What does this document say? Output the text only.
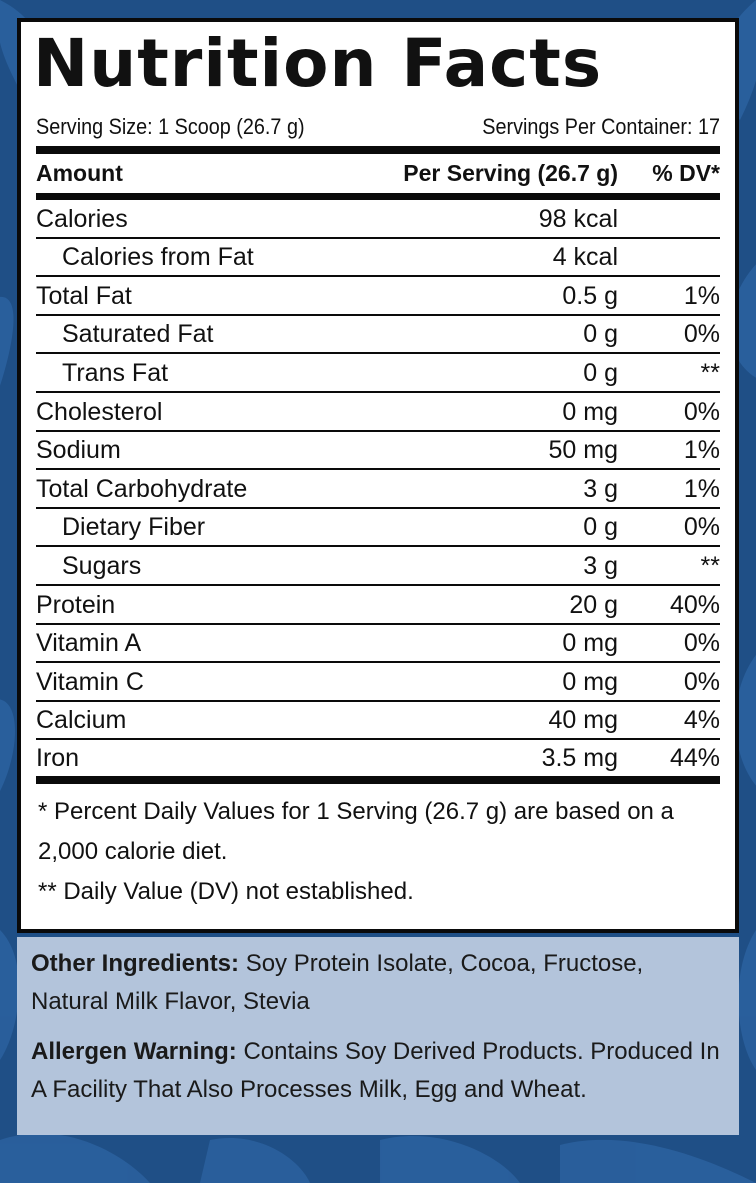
Nutrition Facts
Serving Size: 1 Scoop (26.7 g)	Servings Per Container: 17
Amount	Per Serving (26.7 g)	% DV*
Calories	98 kcal
Calories from Fat	4 kcal
Total Fat	0.5 g	1%
Saturated Fat	0 g	0%
Trans Fat	0 g	**
Cholesterol	0 mg	0%
Sodium	50 mg	1%
Total Carbohydrate	3 g	1%
Dietary Fiber	0 g	0%
Sugars	3 g	**
Protein	20 g	40%
Vitamin A	0 mg	0%
Vitamin C	0 mg	0%
Calcium	40 mg	4%
Iron	3.5 mg	44%

* Percent Daily Values for 1 Serving (26.7 g) are based on a 2,000 calorie diet.

** Daily Value (DV) not established.

Other Ingredients: Soy Protein Isolate, Cocoa, Fructose, Natural Milk Flavor, Stevia

Allergen Warning: Contains Soy Derived Products. Produced In A Facility That Also Processes Milk, Egg and Wheat.
